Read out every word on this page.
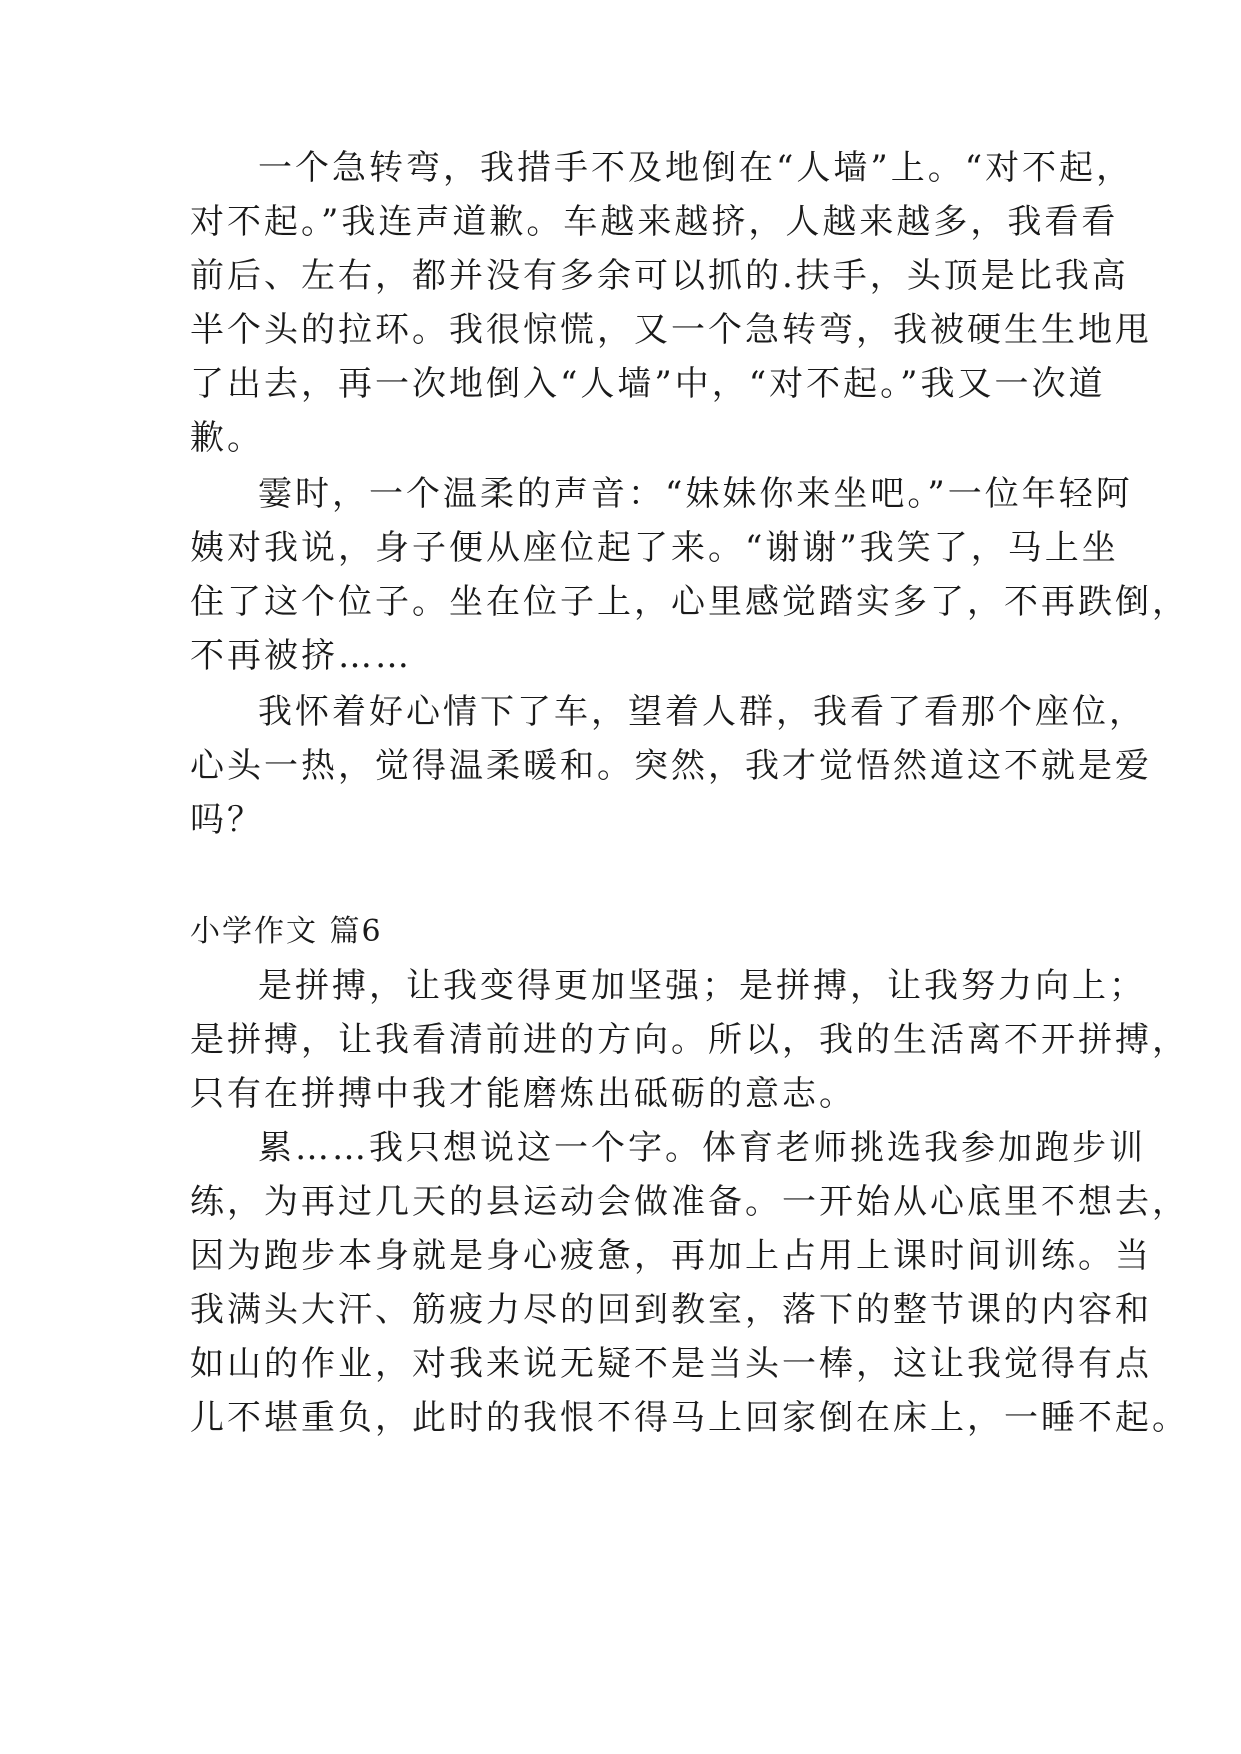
一个急转弯，我措手不及地倒在“人墙”上。“对不起，

对不起。”我连声道歉。车越来越挤，人越来越多，我看看

前后、左右，都并没有多余可以抓的.扶手，头顶是比我高

半个头的拉环。我很惊慌，又一个急转弯，我被硬生生地甩

了出去，再一次地倒入“人墙”中，“对不起。”我又一次道

歉。

霎时，一个温柔的声音：“妹妹你来坐吧。”一位年轻阿

姨对我说，身子便从座位起了来。“谢谢”我笑了，马上坐

住了这个位子。坐在位子上，心里感觉踏实多了，不再跌倒，

不再被挤……

我怀着好心情下了车，望着人群，我看了看那个座位，

心头一热，觉得温柔暖和。突然，我才觉悟然道这不就是爱

吗？

小学作文 篇6

是拼搏，让我变得更加坚强；是拼搏，让我努力向上；

是拼搏，让我看清前进的方向。所以，我的生活离不开拼搏，

只有在拼搏中我才能磨炼出砥砺的意志。

累……我只想说这一个字。体育老师挑选我参加跑步训

练，为再过几天的县运动会做准备。一开始从心底里不想去，

因为跑步本身就是身心疲惫，再加上占用上课时间训练。当

我满头大汗、筋疲力尽的回到教室，落下的整节课的内容和

如山的作业，对我来说无疑不是当头一棒，这让我觉得有点

儿不堪重负，此时的我恨不得马上回家倒在床上，一睡不起。
